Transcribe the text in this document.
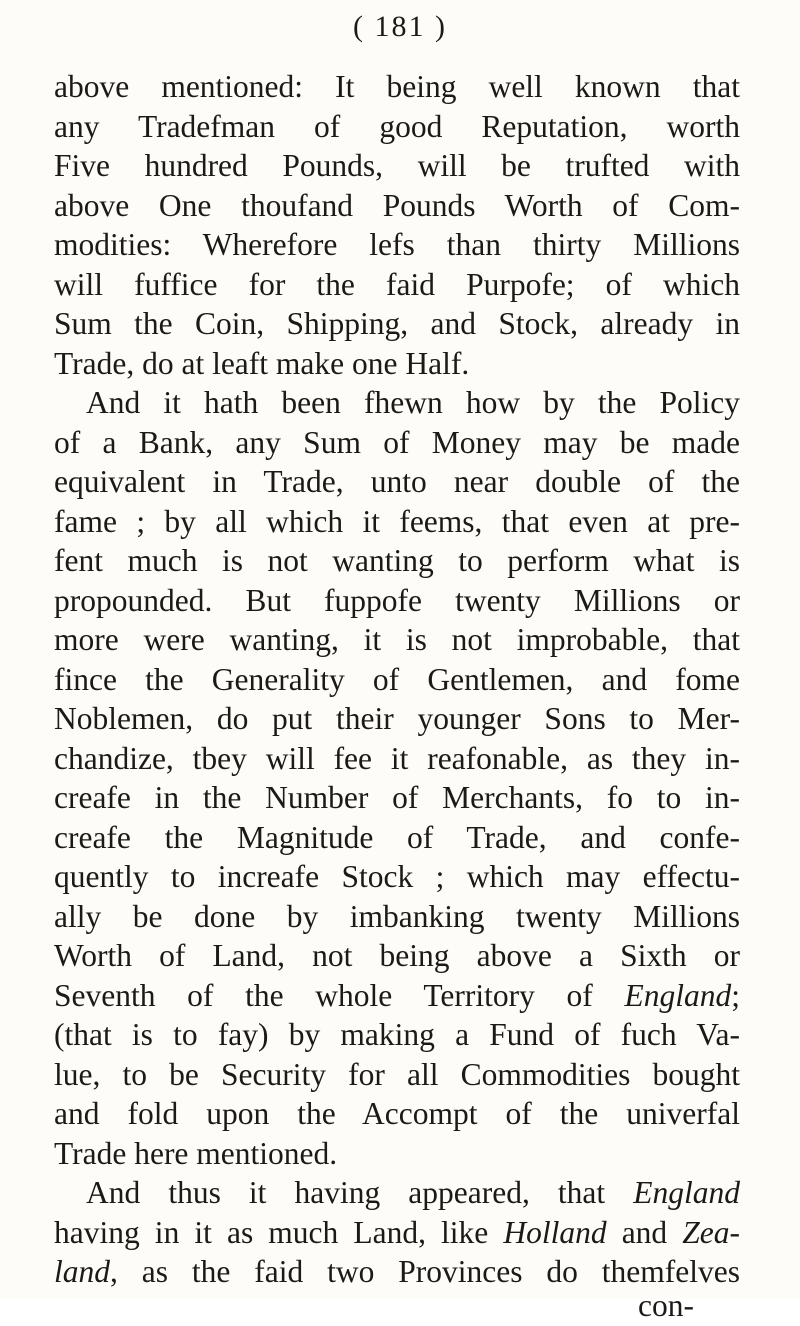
( 181 )
above mentioned: It being well known that
any Tradefman of good Reputation, worth
Five hundred Pounds, will be trufted with
above One thoufand Pounds Worth of Com-
modities: Wherefore lefs than thirty Millions
will fuffice for the faid Purpofe; of which
Sum the Coin, Shipping, and Stock, already in
Trade, do at leaft make one Half.
And it hath been fhewn how by the Policy
of a Bank, any Sum of Money may be made
equivalent in Trade, unto near double of the
fame ; by all which it feems, that even at pre-
fent much is not wanting to perform what is
propounded. But fuppofe twenty Millions or
more were wanting, it is not improbable, that
fince the Generality of Gentlemen, and fome
Noblemen, do put their younger Sons to Mer-
chandize, tbey will fee it reafonable, as they in-
creafe in the Number of Merchants, fo to in-
creafe the Magnitude of Trade, and confe-
quently to increafe Stock ; which may effectu-
ally be done by imbanking twenty Millions
Worth of Land, not being above a Sixth or
Seventh of the whole Territory of England;
(that is to fay) by making a Fund of fuch Va-
lue, to be Security for all Commodities bought
and fold upon the Accompt of the univerfal
Trade here mentioned.
And thus it having appeared, that England
having in it as much Land, like Holland and Zea-
land, as the faid two Provinces do themfelves
con-
